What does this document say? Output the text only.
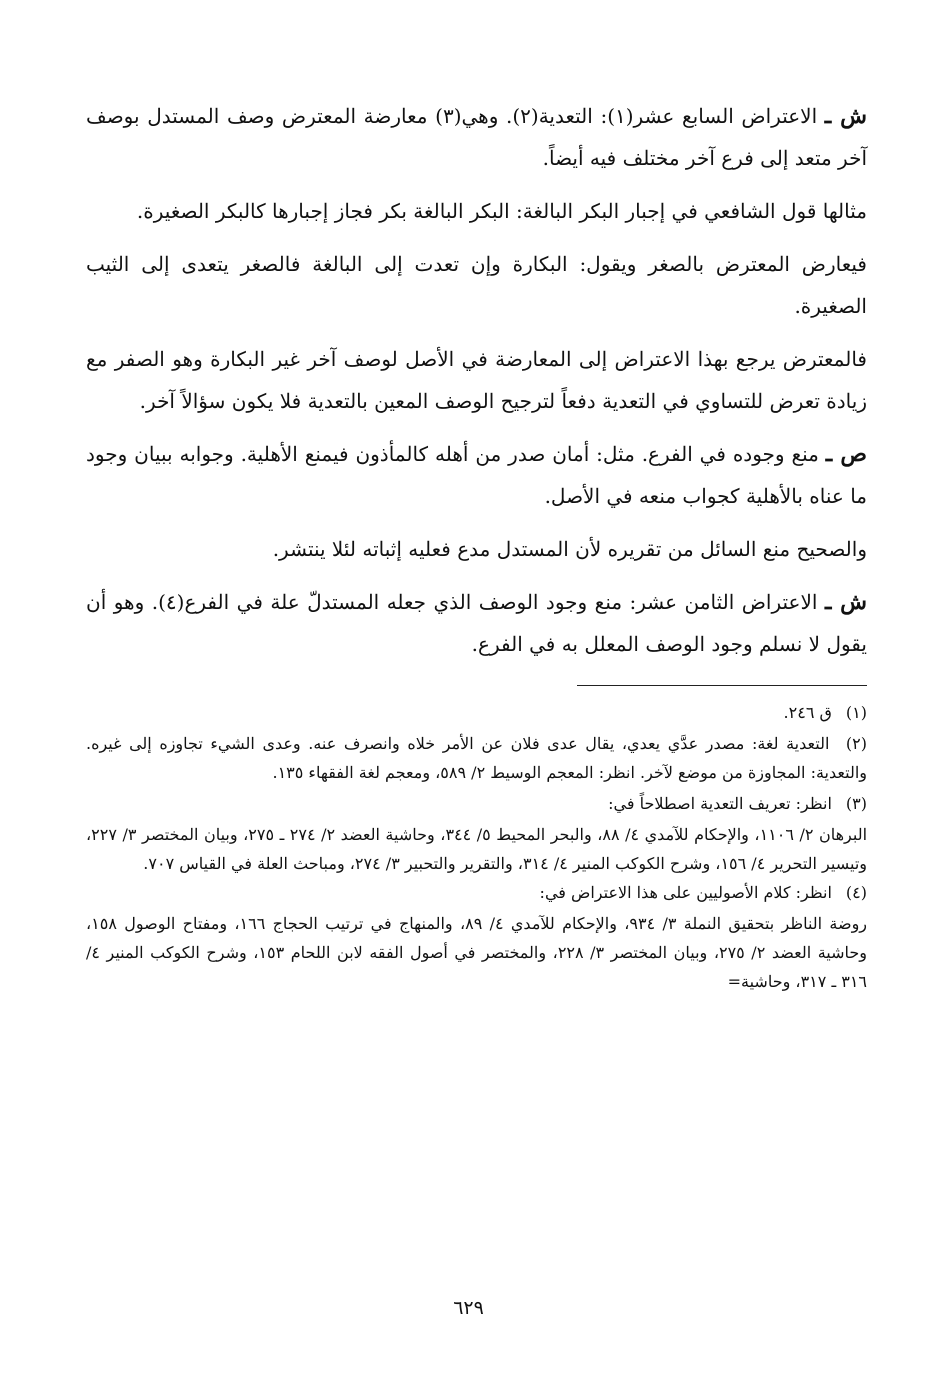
ش ـ الاعتراض السابع عشر(١): التعدية(٢). وهي(٣) معارضة المعترض وصف المستدل بوصف آخر متعد إلى فرع آخر مختلف فيه أيضاً.

مثالها قول الشافعي في إجبار البكر البالغة: البكر البالغة بكر فجاز إجبارها كالبكر الصغيرة.

فيعارض المعترض بالصغر ويقول: البكارة وإن تعدت إلى البالغة فالصغر يتعدى إلى الثيب الصغيرة.

فالمعترض يرجع بهذا الاعتراض إلى المعارضة في الأصل لوصف آخر غير البكارة وهو الصفر مع زيادة تعرض للتساوي في التعدية دفعاً لترجيح الوصف المعين بالتعدية فلا يكون سؤالاً آخر.

ص ـ منع وجوده في الفرع. مثل: أمان صدر من أهله كالمأذون فيمنع الأهلية. وجوابه ببيان وجود ما عناه بالأهلية كجواب منعه في الأصل.

والصحيح منع السائل من تقريره لأن المستدل مدع فعليه إثباته لئلا ينتشر.

ش ـ الاعتراض الثامن عشر: منع وجود الوصف الذي جعله المستدلّ علة في الفرع(٤). وهو أن يقول لا نسلم وجود الوصف المعلل به في الفرع.

(١) ق ٢٤٦.

(٢) التعدية لغة: مصدر عدَّي يعدي، يقال عدى فلان عن الأمر خلاه وانصرف عنه. وعدى الشيء تجاوزه إلى غيره. والتعدية: المجاوزة من موضع لآخر. انظر: المعجم الوسيط ٢/ ٥٨٩، ومعجم لغة الفقهاء ١٣٥.

(٣) انظر: تعريف التعدية اصطلاحاً في:

البرهان ٢/ ١١٠٦، والإحكام للآمدي ٤/ ٨٨، والبحر المحيط ٥/ ٣٤٤، وحاشية العضد ٢/ ٢٧٤ ـ ٢٧٥، وبيان المختصر ٣/ ٢٢٧، وتيسير التحرير ٤/ ١٥٦، وشرح الكوكب المنير ٤/ ٣١٤، والتقرير والتحبير ٣/ ٢٧٤، ومباحث العلة في القياس ٧٠٧.

(٤) انظر: كلام الأصوليين على هذا الاعتراض في:

روضة الناظر بتحقيق النملة ٣/ ٩٣٤، والإحكام للآمدي ٤/ ٨٩، والمنهاج في ترتيب الحجاج ١٦٦، ومفتاح الوصول ١٥٨، وحاشية العضد ٢/ ٢٧٥، وبيان المختصر ٣/ ٢٢٨، والمختصر في أصول الفقه لابن اللحام ١٥٣، وشرح الكوكب المنير ٤/ ٣١٦ ـ ٣١٧، وحاشية=

٦٢٩
